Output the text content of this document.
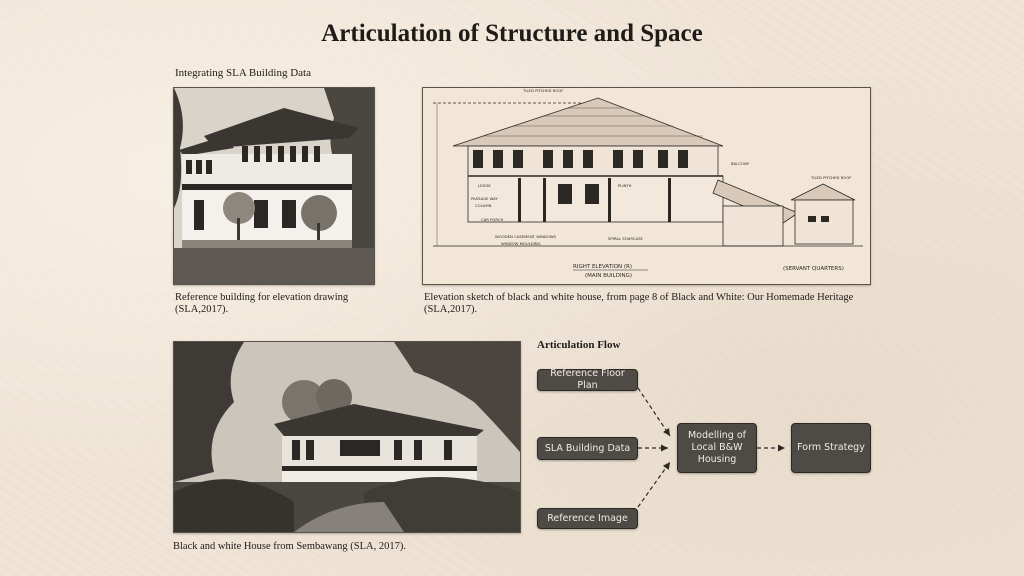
Articulation of Structure and Space
Integrating SLA Building Data
Reference building for elevation drawing (SLA,2017).
TILED PITCHED ROOF
TILED PITCHED ROOF
BALCONY
LEDGE	PLINTH
PASSAGE WAY
COLUMN
CAR PORCH
WOODEN CASEMENT WINDOWS
WINDOW MOULDING
SPIRAL STAIRCASE
RIGHT ELEVATION (R)
(MAIN BUILDING)
(SERVANT QUARTERS)
Elevation sketch of black and white house, from page 8 of Black and White: Our Homemade Heritage (SLA,2017).
Black and white House from Sembawang (SLA, 2017).
Articulation Flow
Reference Floor Plan
SLA Building Data
Reference Image
Modelling of Local B&W Housing
Form Strategy
